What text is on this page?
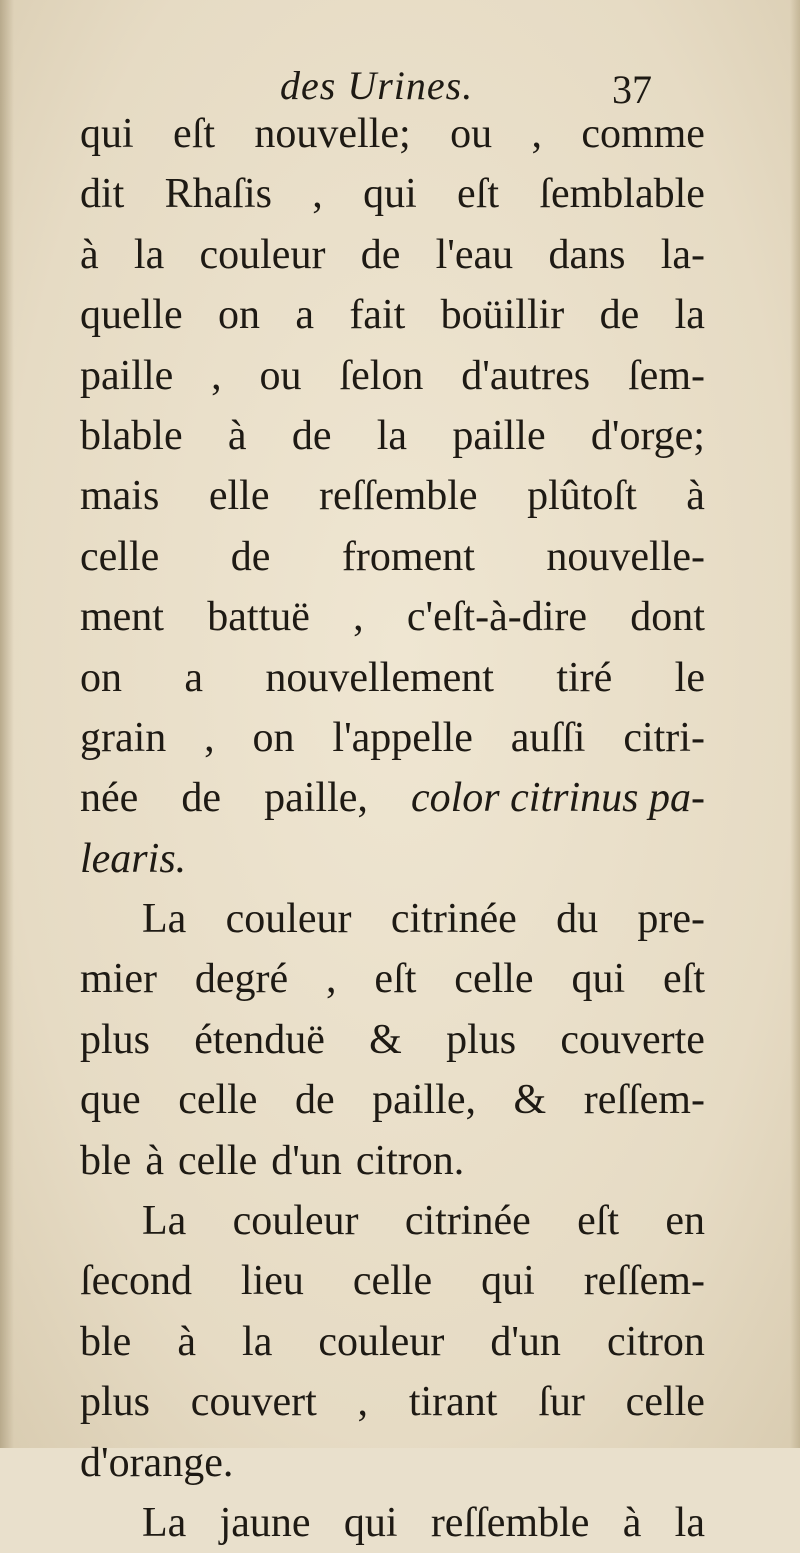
des Urines.	37
qui eſt nouvelle; ou , comme
dit Rhaſis , qui eſt ſemblable
à la couleur de l'eau dans la-
quelle on a fait boüillir de la
paille , ou ſelon d'autres ſem-
blable à de la paille d'orge;
mais elle reſſemble plûtoſt à
celle de froment nouvelle-
ment battuë , c'eſt-à-dire dont
on a nouvellement tiré le
grain , on l'appelle auſſi citri-
née de paille, color citrinus pa-
learis.
La couleur citrinée du pre-
mier degré , eſt celle qui eſt
plus étenduë & plus couverte
que celle de paille, & reſſem-
ble à celle d'un citron.
La couleur citrinée eſt en
ſecond lieu celle qui reſſem-
ble à la couleur d'un citron
plus couvert , tirant ſur celle
d'orange.
La jaune qui reſſemble à la
